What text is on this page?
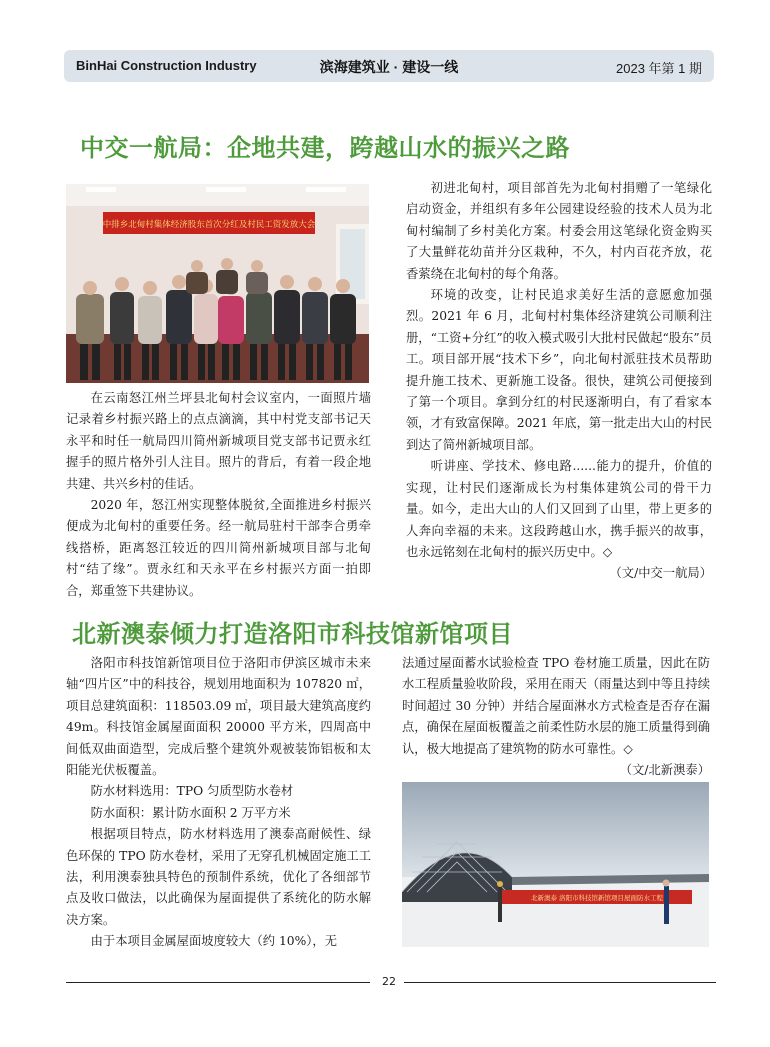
BinHai Construction Industry	滨海建筑业 · 建设一线	2023 年第 1 期
中交一航局：企地共建，跨越山水的振兴之路
中排乡北甸村集体经济股东首次分红及村民工资发放大会

在云南怒江州兰坪县北甸村会议室内，一面照片墙记录着乡村振兴路上的点点滴滴，其中村党支部书记天永平和时任一航局四川简州新城项目党支部书记贾永红握手的照片格外引人注目。照片的背后，有着一段企地共建、共兴乡村的佳话。

2020 年，怒江州实现整体脱贫,全面推进乡村振兴便成为北甸村的重要任务。经一航局驻村干部李合勇牵线搭桥，距离怒江较近的四川简州新城项目部与北甸村“结了缘”。贾永红和天永平在乡村振兴方面一拍即合，郑重签下共建协议。

初进北甸村，项目部首先为北甸村捐赠了一笔绿化启动资金，并组织有多年公园建设经验的技术人员为北甸村编制了乡村美化方案。村委会用这笔绿化资金购买了大量鲜花幼苗并分区栽种，不久，村内百花齐放，花香萦绕在北甸村的每个角落。

环境的改变，让村民追求美好生活的意愿愈加强烈。2021 年 6 月，北甸村村集体经济建筑公司顺利注册，“工资+分红”的收入模式吸引大批村民做起“股东”员工。项目部开展“技术下乡”，向北甸村派驻技术员帮助提升施工技术、更新施工设备。很快，建筑公司便接到了第一个项目。拿到分红的村民逐渐明白，有了看家本领，才有致富保障。2021 年底，第一批走出大山的村民到达了简州新城项目部。

听讲座、学技术、修电路......能力的提升，价值的实现，让村民们逐渐成长为村集体建筑公司的骨干力量。如今，走出大山的人们又回到了山里，带上更多的人奔向幸福的未来。这段跨越山水，携手振兴的故事，也永远铭刻在北甸村的振兴历史中。◇
（文/中交一航局）

北新澳泰倾力打造洛阳市科技馆新馆项目

洛阳市科技馆新馆项目位于洛阳市伊滨区城市未来轴“四片区”中的科技谷，规划用地面积为 107820 ㎡，项目总建筑面积：118503.09 ㎡，项目最大建筑高度约 49m。科技馆金属屋面面积 20000 平方米，四周高中间低双曲面造型，完成后整个建筑外观被装饰铝板和太阳能光伏板覆盖。

防水材料选用：TPO 匀质型防水卷材

防水面积：累计防水面积 2 万平方米

根据项目特点，防水材料选用了澳泰高耐候性、绿色环保的 TPO 防水卷材，采用了无穿孔机械固定施工工法，利用澳泰独具特色的预制件系统，优化了各细部节点及收口做法，以此确保为屋面提供了系统化的防水解决方案。

由于本项目金属屋面坡度较大（约 10%），无

法通过屋面蓄水试验检查 TPO 卷材施工质量，因此在防水工程质量验收阶段，采用在雨天（雨量达到中等且持续时间超过 30 分钟）并结合屋面淋水方式检查是否存在漏点，确保在屋面板覆盖之前柔性防水层的施工质量得到确认，极大地提高了建筑物的防水可靠性。◇
（文/北新澳泰）

北新澳泰 洛阳市科技馆新馆项目屋面防水工程
22
